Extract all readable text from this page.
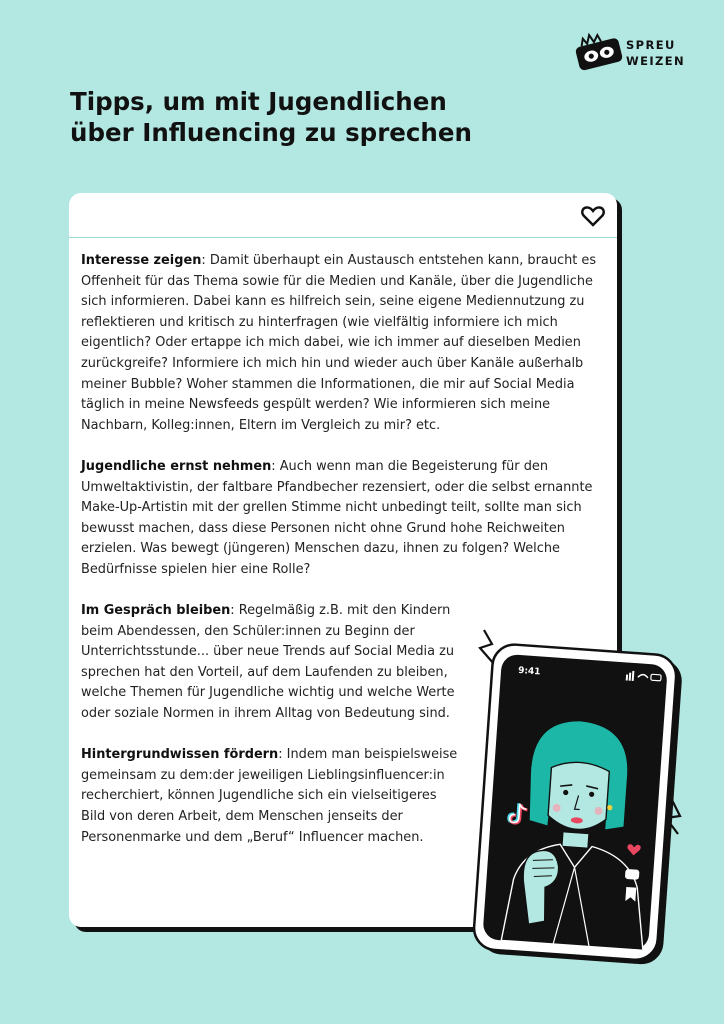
SPREU
WEIZEN
Tipps, um mit Jugendlichen
über Influencing zu sprechen

Interesse zeigen: Damit überhaupt ein Austausch entstehen kann, braucht es Offenheit für das Thema sowie für die Medien und Kanäle, über die Jugendliche sich informieren. Dabei kann es hilfreich sein, seine eigene Mediennutzung zu reflektieren und kritisch zu hinterfragen (wie vielfältig informiere ich mich eigentlich? Oder ertappe ich mich dabei, wie ich immer auf dieselben Medien zurückgreife? Informiere ich mich hin und wieder auch über Kanäle außerhalb meiner Bubble? Woher stammen die Informationen, die mir auf Social Media täglich in meine Newsfeeds gespült werden? Wie informieren sich meine Nachbarn, Kolleg:innen, Eltern im Vergleich zu mir? etc.

Jugendliche ernst nehmen: Auch wenn man die Begeisterung für den Umweltaktivistin, der faltbare Pfandbecher rezensiert, oder die selbst ernannte Make-Up-Artistin mit der grellen Stimme nicht unbedingt teilt, sollte man sich bewusst machen, dass diese Personen nicht ohne Grund hohe Reichweiten erzielen. Was bewegt (jüngeren) Menschen dazu, ihnen zu folgen? Welche Bedürfnisse spielen hier eine Rolle?

Im Gespräch bleiben: Regelmäßig z.B. mit den Kindern beim Abendessen, den Schüler:innen zu Beginn der Unterrichtsstunde... über neue Trends auf Social Media zu sprechen hat den Vorteil, auf dem Laufenden zu bleiben, welche Themen für Jugendliche wichtig und welche Werte oder soziale Normen in ihrem Alltag von Bedeutung sind.

Hintergrundwissen fördern: Indem man beispielsweise gemeinsam zu dem:der jeweiligen Lieblingsinfluencer:in recherchiert, können Jugendliche sich ein vielseitigeres Bild von deren Arbeit, dem Menschen jenseits der Personenmarke und dem „Beruf“ Influencer machen.

9:41
